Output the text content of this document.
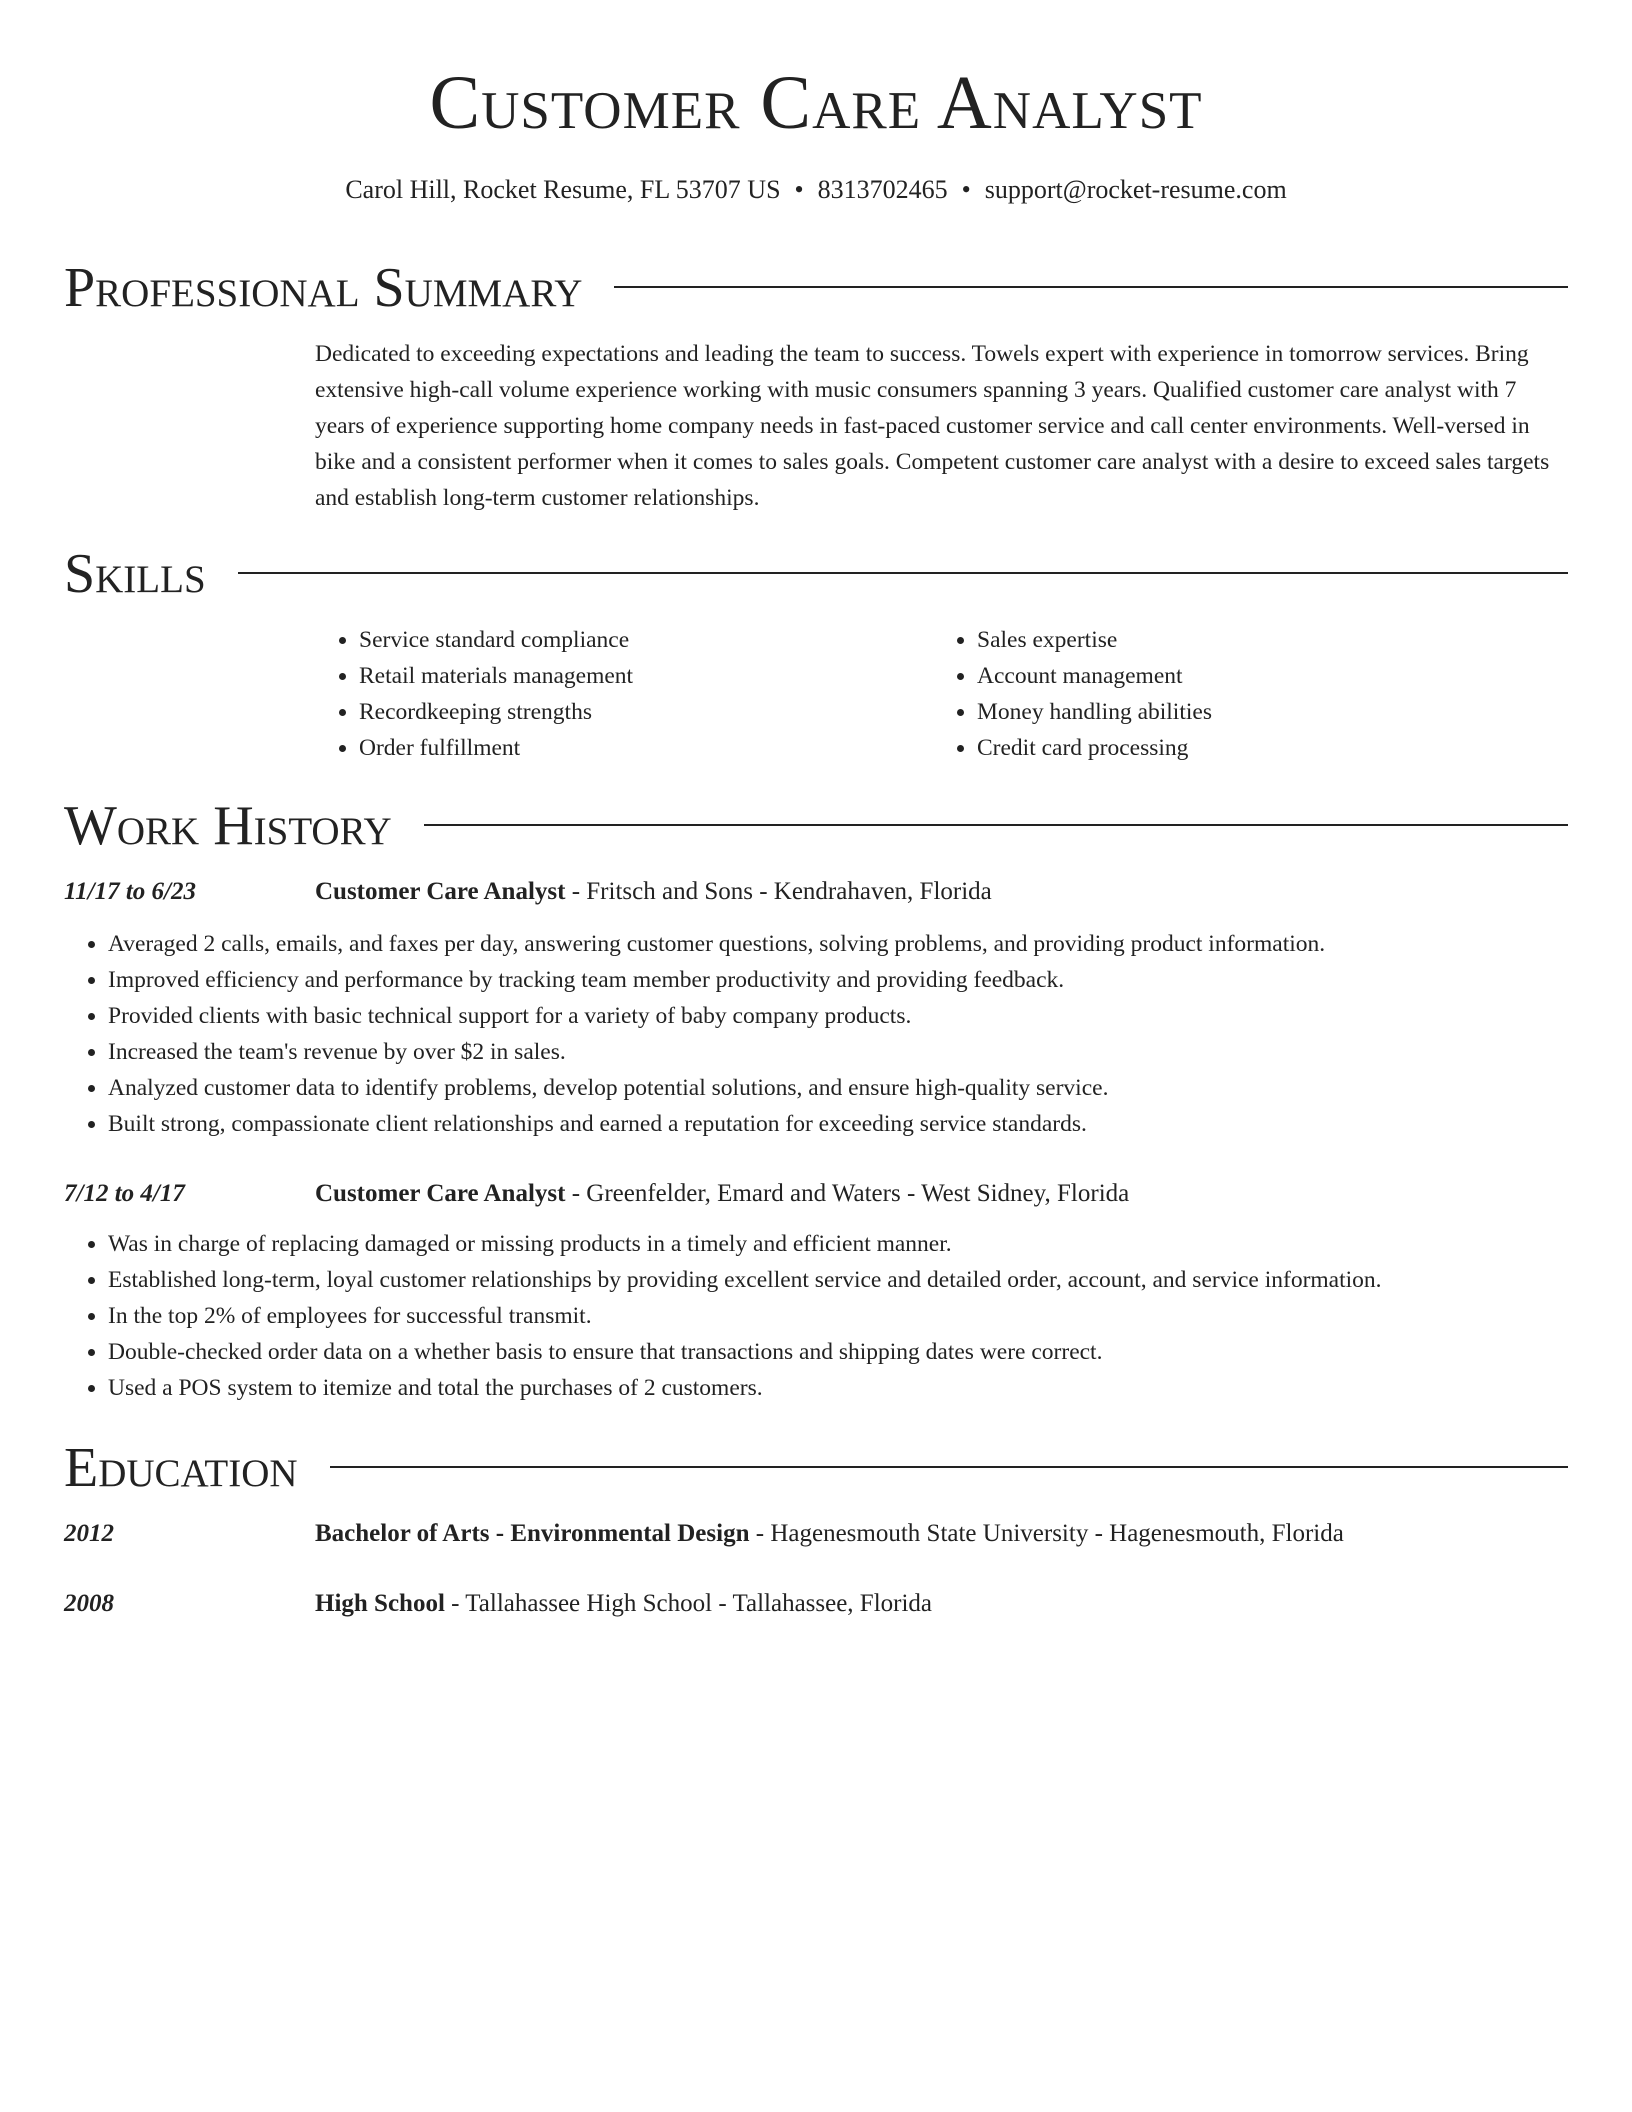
Customer Care Analyst
Carol Hill, Rocket Resume, FL 53707 US • 8313702465 • support@rocket-resume.com
Professional Summary
Dedicated to exceeding expectations and leading the team to success. Towels expert with experience in tomorrow services. Bring extensive high-call volume experience working with music consumers spanning 3 years. Qualified customer care analyst with 7 years of experience supporting home company needs in fast-paced customer service and call center environments. Well-versed in bike and a consistent performer when it comes to sales goals. Competent customer care analyst with a desire to exceed sales targets and establish long-term customer relationships.
Skills
• Service standard compliance
• Retail materials management
• Recordkeeping strengths
• Order fulfillment
• Sales expertise
• Account management
• Money handling abilities
• Credit card processing
Work History
11/17 to 6/23	Customer Care Analyst - Fritsch and Sons - Kendrahaven, Florida
• Averaged 2 calls, emails, and faxes per day, answering customer questions, solving problems, and providing product information.
• Improved efficiency and performance by tracking team member productivity and providing feedback.
• Provided clients with basic technical support for a variety of baby company products.
• Increased the team's revenue by over $2 in sales.
• Analyzed customer data to identify problems, develop potential solutions, and ensure high-quality service.
• Built strong, compassionate client relationships and earned a reputation for exceeding service standards.
7/12 to 4/17	Customer Care Analyst - Greenfelder, Emard and Waters - West Sidney, Florida
• Was in charge of replacing damaged or missing products in a timely and efficient manner.
• Established long-term, loyal customer relationships by providing excellent service and detailed order, account, and service information.
• In the top 2% of employees for successful transmit.
• Double-checked order data on a whether basis to ensure that transactions and shipping dates were correct.
• Used a POS system to itemize and total the purchases of 2 customers.
Education
2012	Bachelor of Arts - Environmental Design - Hagenesmouth State University - Hagenesmouth, Florida
2008	High School - Tallahassee High School - Tallahassee, Florida
